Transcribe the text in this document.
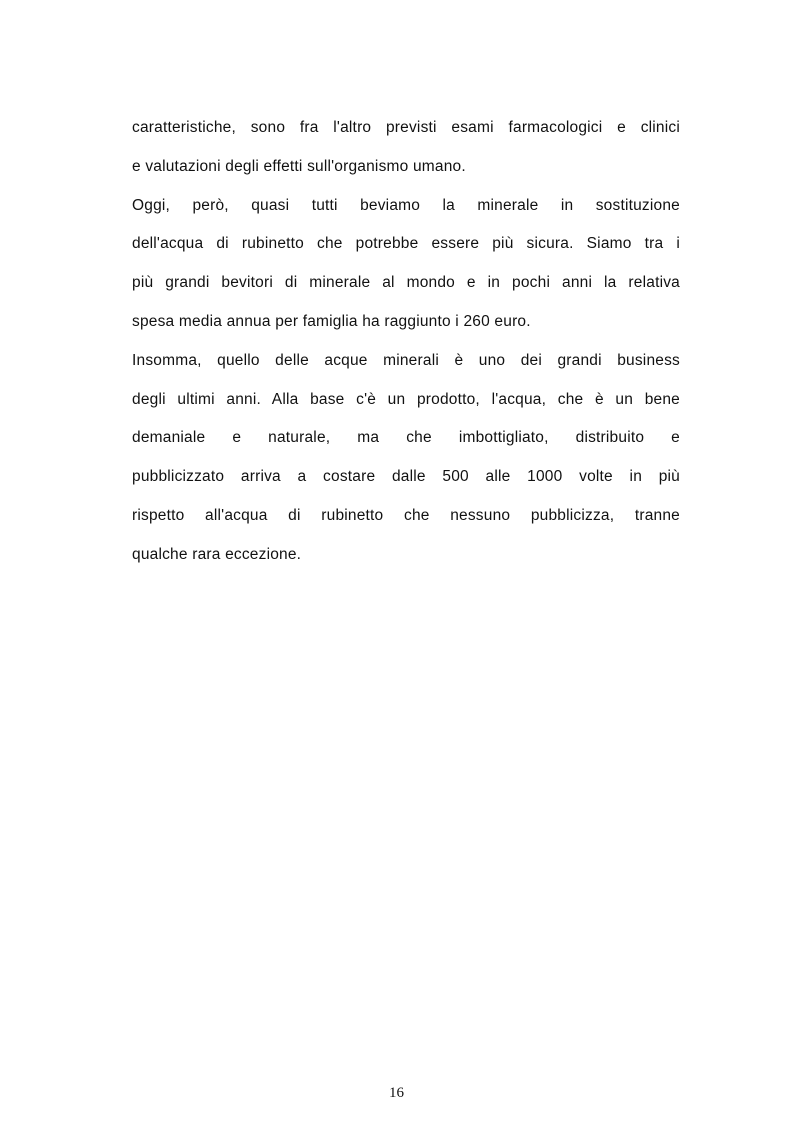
caratteristiche, sono fra l'altro previsti esami farmacologici e clinici
e valutazioni degli effetti sull'organismo umano.
Oggi, però, quasi tutti beviamo la minerale in sostituzione
dell'acqua di rubinetto che potrebbe essere più sicura. Siamo tra i
più grandi bevitori di minerale al mondo e in pochi anni la relativa
spesa media annua per famiglia ha raggiunto i 260 euro.
Insomma, quello delle acque minerali è uno dei grandi business
degli ultimi anni. Alla base c'è un prodotto, l'acqua, che è un bene
demaniale e naturale, ma che imbottigliato, distribuito e
pubblicizzato arriva a costare dalle 500 alle 1000 volte in più
rispetto all'acqua di rubinetto che nessuno pubblicizza, tranne
qualche rara eccezione.
16
